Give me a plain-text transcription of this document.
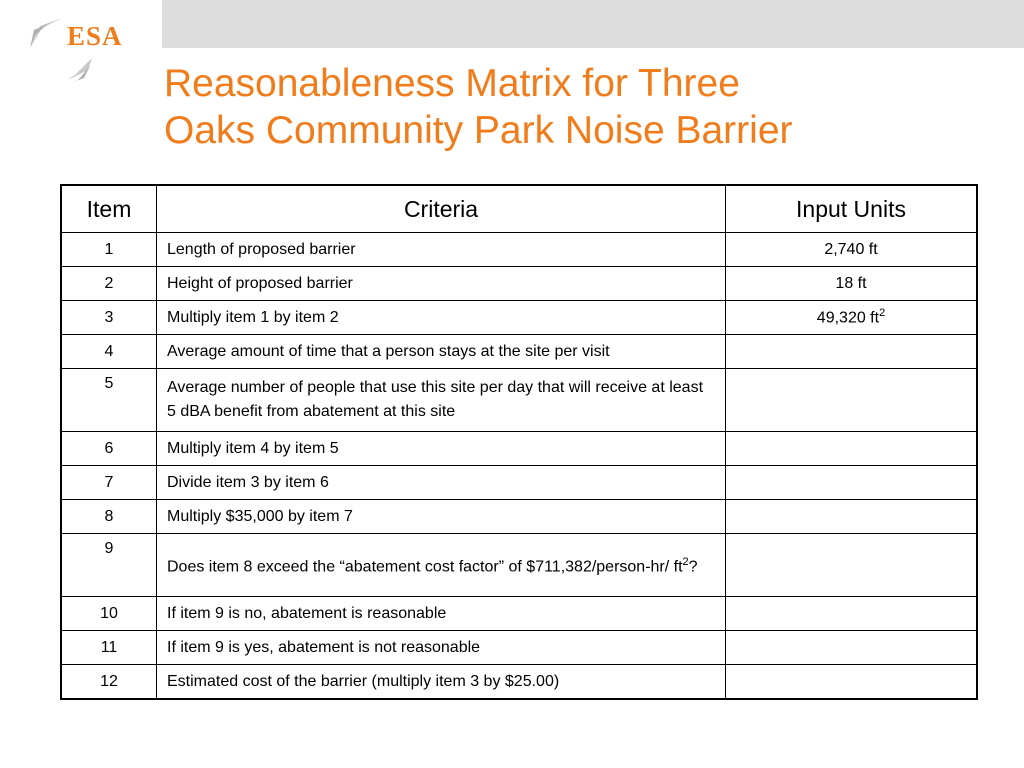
ESA
Reasonableness Matrix for Three
Oaks Community Park Noise Barrier
Item	Criteria	Input Units
1	Length of proposed barrier	2,740 ft
2	Height of proposed barrier	18 ft
3	Multiply item 1 by item 2	49,320 $ft^2$
4	Average amount of time that a person stays at the site per visit	
5	Average number of people that use this site per day that will receive at least 5 dBA benefit from abatement at this site	
6	Multiply item 4 by item 5	
7	Divide item 3 by item 6	
8	Multiply $35,000 by item 7	
9	Does item 8 exceed the “abatement cost factor” of $711,382/person-hr/ $ft^2$?	
10	If item 9 is no, abatement is reasonable	
11	If item 9 is yes, abatement is not reasonable	
12	Estimated cost of the barrier (multiply item 3 by $25.00)	
